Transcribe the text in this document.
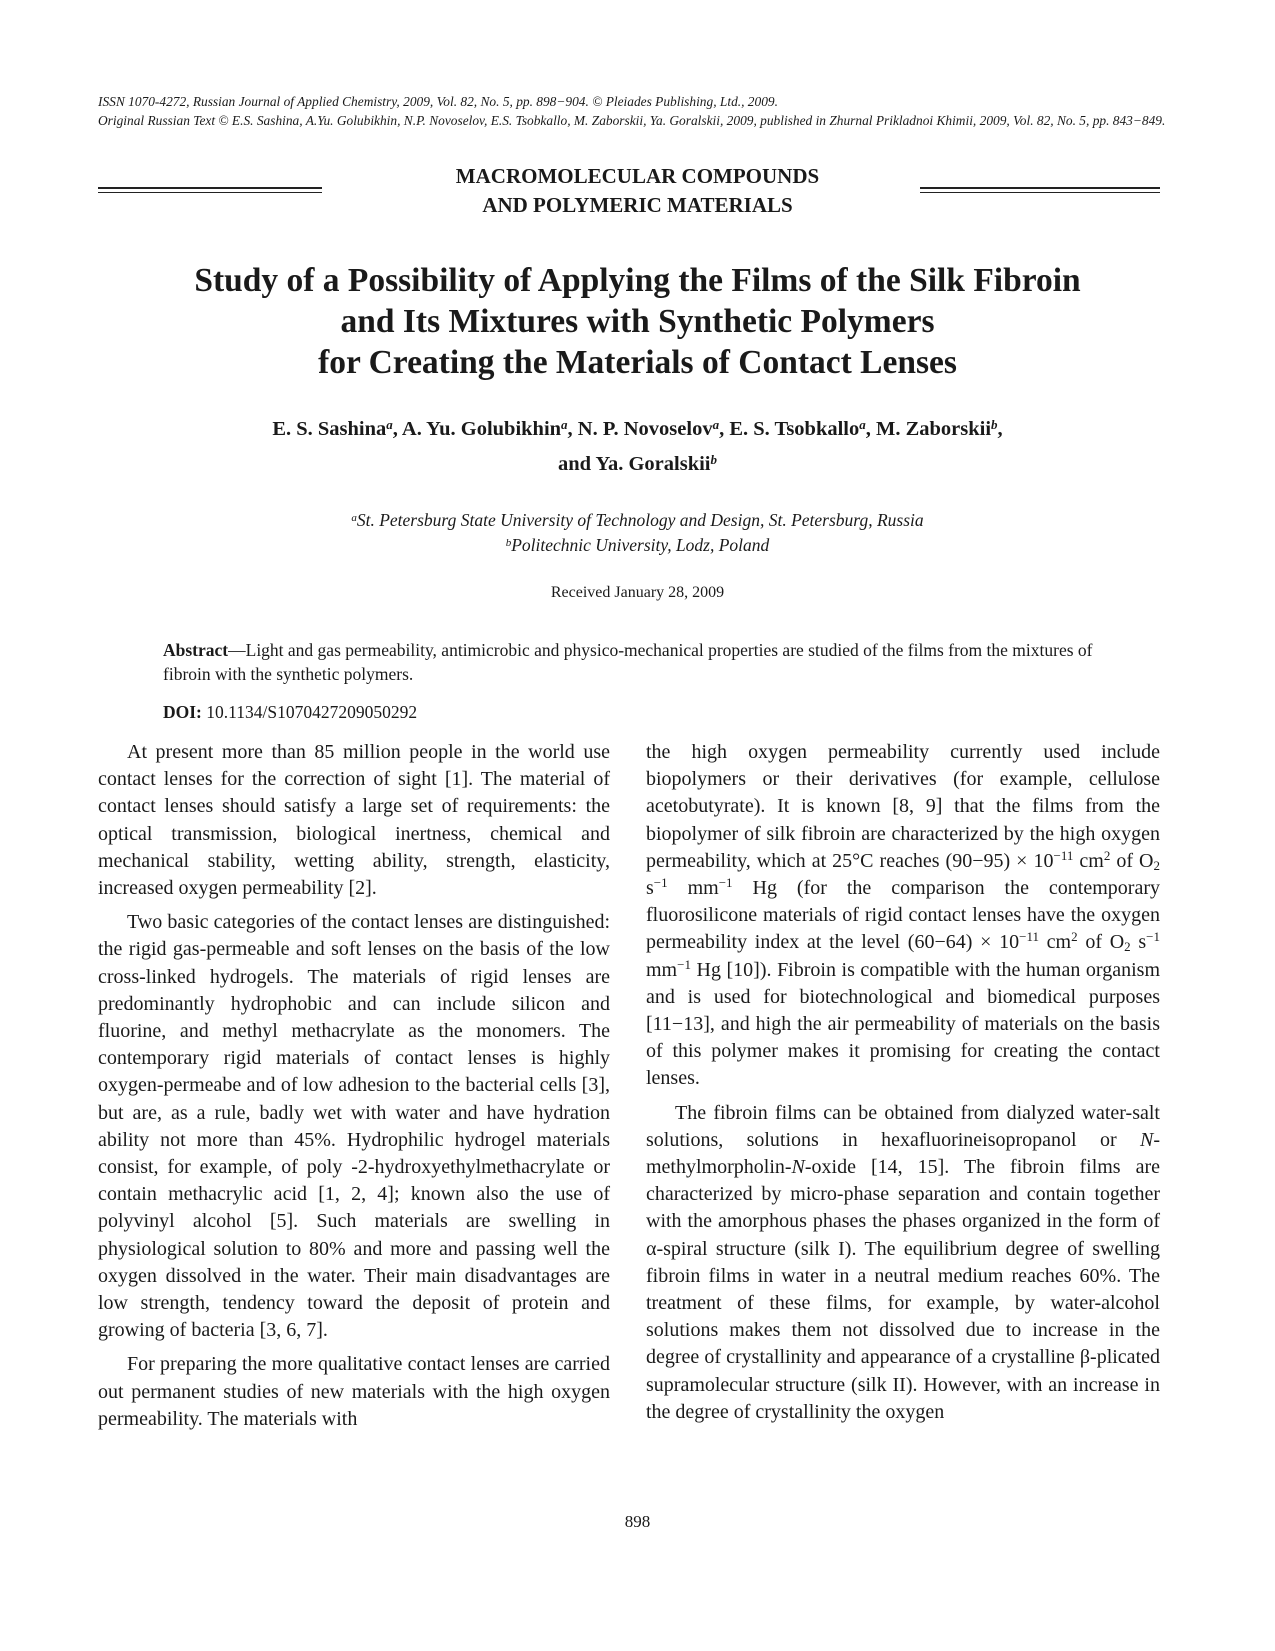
ISSN 1070-4272, Russian Journal of Applied Chemistry, 2009, Vol. 82, No. 5, pp. 898−904. © Pleiades Publishing, Ltd., 2009.

Original Russian Text © E.S. Sashina, A.Yu. Golubikhin, N.P. Novoselov, E.S. Tsobkallo, M. Zaborskii, Ya. Goralskii, 2009, published in Zhurnal Prikladnoi Khimii, 2009, Vol. 82, No. 5, pp. 843−849.

MACROMOLECULAR COMPOUNDS
AND POLYMERIC MATERIALS
Study of a Possibility of Applying the Films of the Silk Fibroin
and Its Mixtures with Synthetic Polymers
for Creating the Materials of Contact Lenses
E. S. Sashina$^a$, A. Yu. Golubikhin$^a$, N. P. Novoselov$^a$, E. S. Tsobkallo$^a$, M. Zaborskii$^b$,
and Ya. Goralskii$^b$
$^a$St. Petersburg State University of Technology and Design, St. Petersburg, Russia
$^b$Politechnic University, Lodz, Poland
Received January 28, 2009
Abstract—Light and gas permeability, antimicrobic and physico-mechanical properties are studied of the films from the mixtures of fibroin with the synthetic polymers.
DOI: 10.1134/S1070427209050292

At present more than 85 million people in the world use contact lenses for the correction of sight [1]. The material of contact lenses should satisfy a large set of requirements: the optical transmission, biological inertness, chemical and mechanical stability, wetting ability, strength, elasticity, increased oxygen permeability [2].

Two basic categories of the contact lenses are distinguished: the rigid gas-permeable and soft lenses on the basis of the low cross-linked hydrogels. The materials of rigid lenses are predominantly hydrophobic and can include silicon and fluorine, and methyl methacrylate as the monomers. The contemporary rigid materials of contact lenses is highly oxygen-permeabe and of low adhesion to the bacterial cells [3], but are, as a rule, badly wet with water and have hydration ability not more than 45%. Hydrophilic hydrogel materials consist, for example, of poly -2-hydroxyethylmethacrylate or contain methacrylic acid [1, 2, 4]; known also the use of polyvinyl alcohol [5]. Such materials are swelling in physiological solution to 80% and more and passing well the oxygen dissolved in the water. Their main disadvantages are low strength, tendency toward the deposit of protein and growing of bacteria [3, 6, 7].

For preparing the more qualitative contact lenses are carried out permanent studies of new materials with the high oxygen permeability. The materials with

the high oxygen permeability currently used include biopolymers or their derivatives (for example, cellulose acetobutyrate). It is known [8, 9] that the films from the biopolymer of silk fibroin are characterized by the high oxygen permeability, which at 25°C reaches $(90-95) \times 10^{-11}$ $cm^2$ of $O_2$ $s^{-1}$ $mm^{-1}$ Hg (for the comparison the contemporary fluorosilicone materials of rigid contact lenses have the oxygen permeability index at the level $(60-64) \times 10^{-11}$ $cm^2$ of $O_2$ $s^{-1}$ $mm^{-1}$ Hg [10]). Fibroin is compatible with the human organism and is used for biotechnological and biomedical purposes [11−13], and high the air permeability of materials on the basis of this polymer makes it promising for creating the contact lenses.

The fibroin films can be obtained from dialyzed water-salt solutions, solutions in hexafluorineisopropanol or N-methylmorpholin-N-oxide [14, 15]. The fibroin films are characterized by micro-phase separation and contain together with the amorphous phases the phases organized in the form of α-spiral structure (silk I). The equilibrium degree of swelling fibroin films in water in a neutral medium reaches 60%. The treatment of these films, for example, by water-alcohol solutions makes them not dissolved due to increase in the degree of crystallinity and appearance of a crystalline β-plicated supramolecular structure (silk II). However, with an increase in the degree of crystallinity the oxygen

898
